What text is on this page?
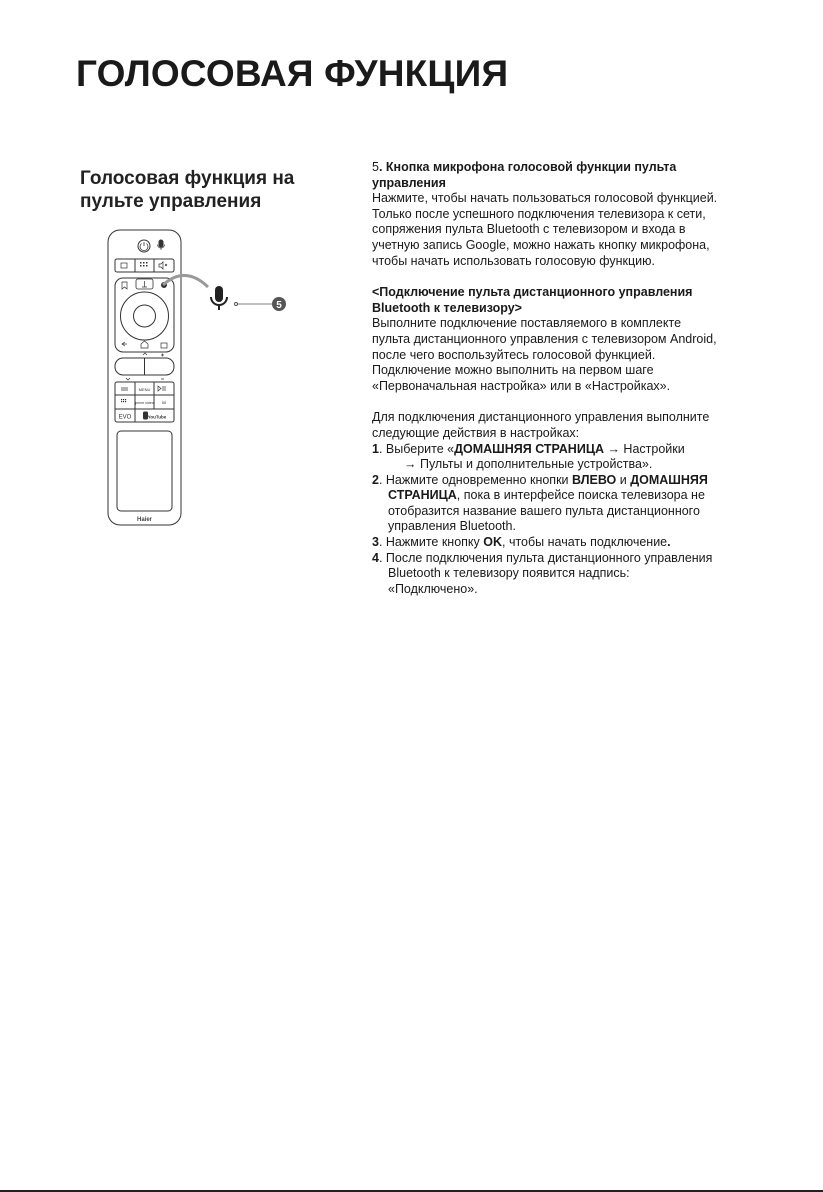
ГОЛОСОВАЯ ФУНКЦИЯ
Голосовая функция на пульте управления
MENU
prime video ivi
EVO	YouTube
Haier
5

5. Кнопка микрофона голосовой функции пульта управления

Нажмите, чтобы начать пользоваться голосовой функцией. Только после успешного подключения телевизора к сети, сопряжения пульта Bluetooth с телевизором и входа в учетную запись Google, можно нажать кнопку микрофона, чтобы начать использовать голосовую функцию.

<Подключение пульта дистанционного управления Bluetooth к телевизору>

Выполните подключение поставляемого в комплекте пульта дистанционного управления с телевизором Android, после чего воспользуйтесь голосовой функцией. Подключение можно выполнить на первом шаге «Первоначальная настройка» или в «Настройках».

Для подключения дистанционного управления выполните следующие действия в настройках:

1. Выберите «ДОМАШНЯЯ СТРАНИЦА → Настройки
→ Пульты и дополнительные устройства».

2. Нажмите одновременно кнопки ВЛЕВО и ДОМАШНЯЯ СТРАНИЦА, пока в интерфейсе поиска телевизора не отобразится название вашего пульта дистанционного управления Bluetooth.

3. Нажмите кнопку OK, чтобы начать подключение.

4. После подключения пульта дистанционного управления Bluetooth к телевизору появится надпись: «Подключено».
